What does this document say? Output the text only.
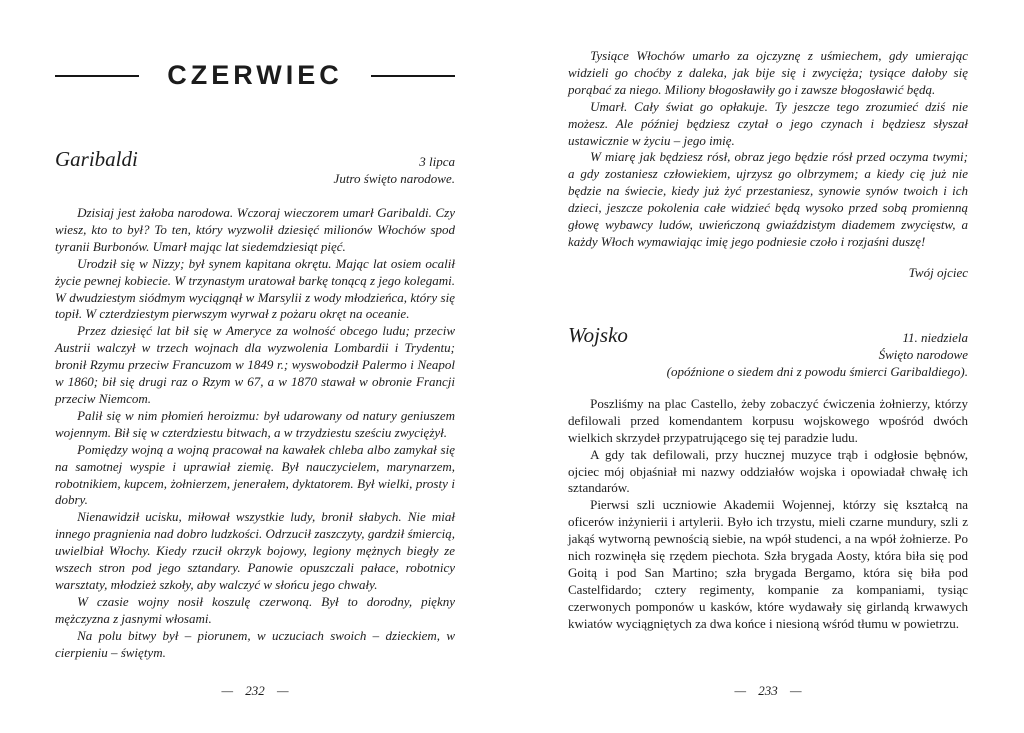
CZERWIEC
Garibaldi	3 lipca
Jutro święto narodowe.

Dzisiaj jest żałoba narodowa. Wczoraj wieczorem umarł Garibaldi. Czy wiesz, kto to był? To ten, który wyzwolił dziesięć milionów Włochów spod tyranii Burbonów. Umarł mając lat siedemdziesiąt pięć.

Urodził się w Nizzy; był synem kapitana okrętu. Mając lat osiem ocalił życie pewnej kobiecie. W trzynastym uratował barkę tonącą z jego kolegami. W dwudziestym siódmym wyciągnął w Marsylii z wody młodzieńca, który się topił. W czterdziestym pierwszym wyrwał z pożaru okręt na oceanie.

Przez dziesięć lat bił się w Ameryce za wolność obcego ludu; przeciw Austrii walczył w trzech wojnach dla wyzwolenia Lombardii i Trydentu; bronił Rzymu przeciw Francuzom w 1849 r.; wyswobodził Palermo i Neapol w 1860; bił się drugi raz o Rzym w 67, a w 1870 stawał w obronie Francji przeciw Niemcom.

Palił się w nim płomień heroizmu: był udarowany od natury geniuszem wojennym. Bił się w czterdziestu bitwach, a w trzydziestu sześciu zwyciężył.

Pomiędzy wojną a wojną pracował na kawałek chleba albo zamykał się na samotnej wyspie i uprawiał ziemię. Był nauczycielem, marynarzem, robotnikiem, kupcem, żołnierzem, jenerałem, dyktatorem. Był wielki, prosty i dobry.

Nienawidził ucisku, miłował wszystkie ludy, bronił słabych. Nie miał innego pragnienia nad dobro ludzkości. Odrzucił zaszczyty, gardził śmiercią, uwielbiał Włochy. Kiedy rzucił okrzyk bojowy, legiony mężnych biegły ze wszech stron pod jego sztandary. Panowie opuszczali pałace, robotnicy warsztaty, młodzież szkoły, aby walczyć w słońcu jego chwały.

W czasie wojny nosił koszulę czerwoną. Był to dorodny, piękny mężczyzna z jasnymi włosami.

Na polu bitwy był – piorunem, w uczuciach swoich – dzieckiem, w cierpieniu – świętym.

— 232 —

Tysiące Włochów umarło za ojczyznę z uśmiechem, gdy umierając widzieli go choćby z daleka, jak bije się i zwycięża; tysiące dałoby się porąbać za niego. Miliony błogosławiły go i zawsze błogosławić będą.

Umarł. Cały świat go opłakuje. Ty jeszcze tego zrozumieć dziś nie możesz. Ale później będziesz czytał o jego czynach i będziesz słyszał ustawicznie w życiu – jego imię.

W miarę jak będziesz rósł, obraz jego będzie rósł przed oczyma twymi; a gdy zostaniesz człowiekiem, ujrzysz go olbrzymem; a kiedy cię już nie będzie na świecie, kiedy już żyć przestaniesz, synowie synów twoich i ich dzieci, jeszcze pokolenia całe widzieć będą wysoko przed sobą promienną głowę wybawcy ludów, uwieńczoną gwiaździstym diademem zwycięstw, a każdy Włoch wymawiając imię jego podniesie czoło i rozjaśni duszę!

Twój ojciec
Wojsko	11. niedziela
Święto narodowe
(opóźnione o siedem dni z powodu śmierci Garibaldiego).

Poszliśmy na plac Castello, żeby zobaczyć ćwiczenia żołnierzy, którzy defilowali przed komendantem korpusu wojskowego wpośród dwóch wielkich skrzydeł przypatrującego się tej paradzie ludu.

A gdy tak defilowali, przy hucznej muzyce trąb i odgłosie bębnów, ojciec mój objaśniał mi nazwy oddziałów wojska i opowiadał chwałę ich sztandarów.

Pierwsi szli uczniowie Akademii Wojennej, którzy się kształcą na oficerów inżynierii i artylerii. Było ich trzystu, mieli czarne mundury, szli z jakąś wytworną pewnością siebie, na wpół studenci, a na wpół żołnierze. Po nich rozwinęła się rzędem piechota. Szła brygada Aosty, która biła się pod Goitą i pod San Martino; szła brygada Bergamo, która się biła pod Castelfidardo; cztery regimenty, kompanie za kompaniami, tysiąc czerwonych pomponów u kasków, które wydawały się girlandą krwawych kwiatów wyciągniętych za dwa końce i niesioną wśród tłumu w powietrzu.

— 233 —
